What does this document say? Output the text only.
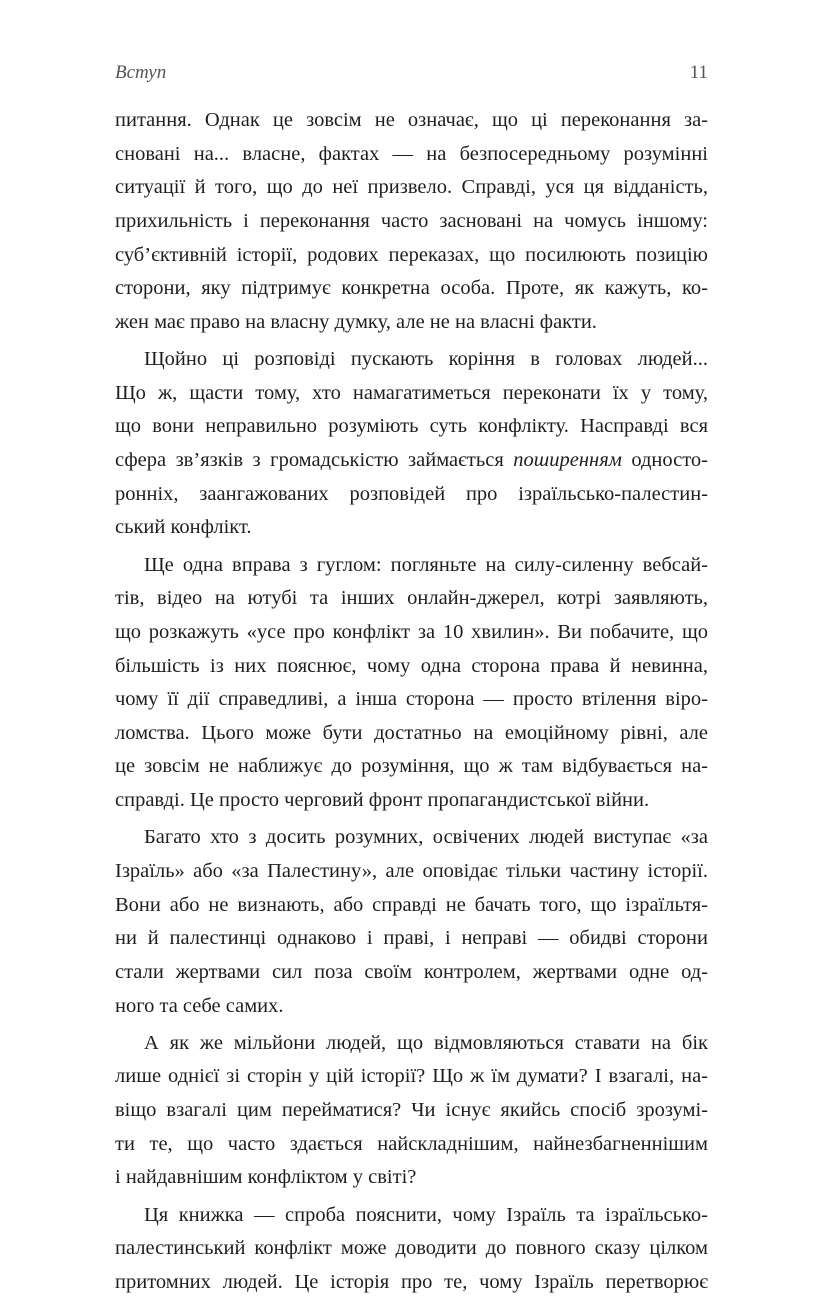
Вступ	11
питання. Однак це зовсім не означає, що ці переконання за-
сновані на... власне, фактах — на безпосередньому розумінні
ситуації й того, що до неї призвело. Справді, уся ця відданість,
прихильність і переконання часто засновані на чомусь іншому:
суб’єктивній історії, родових переказах, що посилюють позицію
сторони, яку підтримує конкретна особа. Проте, як кажуть, ко-
жен має право на власну думку, але не на власні факти.
Щойно ці розповіді пускають коріння в головах людей...
Що ж, щасти тому, хто намагатиметься переконати їх у тому,
що вони неправильно розуміють суть конфлікту. Насправді вся
сфера зв’язків з громадськістю займається поширенням односто-
ронніх, заангажованих розповідей про ізраїльсько-палестин-
ський конфлікт.
Ще одна вправа з гуглом: погляньте на силу-силенну вебсай-
тів, відео на ютубі та інших онлайн-джерел, котрі заявляють,
що розкажуть «усе про конфлікт за 10 хвилин». Ви побачите, що
більшість із них пояснює, чому одна сторона права й невинна,
чому її дії справедливі, а інша сторона — просто втілення віро-
ломства. Цього може бути достатньо на емоційному рівні, але
це зовсім не наближує до розуміння, що ж там відбувається на-
справді. Це просто черговий фронт пропагандистської війни.
Багато хто з досить розумних, освічених людей виступає «за
Ізраїль» або «за Палестину», але оповідає тільки частину історії.
Вони або не визнають, або справді не бачать того, що ізраїльтя-
ни й палестинці однаково і праві, і неправі — обидві сторони
стали жертвами сил поза своїм контролем, жертвами одне од-
ного та себе самих.
А як же мільйони людей, що відмовляються ставати на бік
лише однієї зі сторін у цій історії? Що ж їм думати? І взагалі, на-
віщо взагалі цим перейматися? Чи існує якийсь спосіб зрозумі-
ти те, що часто здається найскладнішим, найнезбагненнішим
і найдавнішим конфліктом у світі?
Ця книжка — спроба пояснити, чому Ізраїль та ізраїльсько-
палестинський конфлікт може доводити до повного сказу цілком
притомних людей. Це історія про те, чому Ізраїль перетворює
